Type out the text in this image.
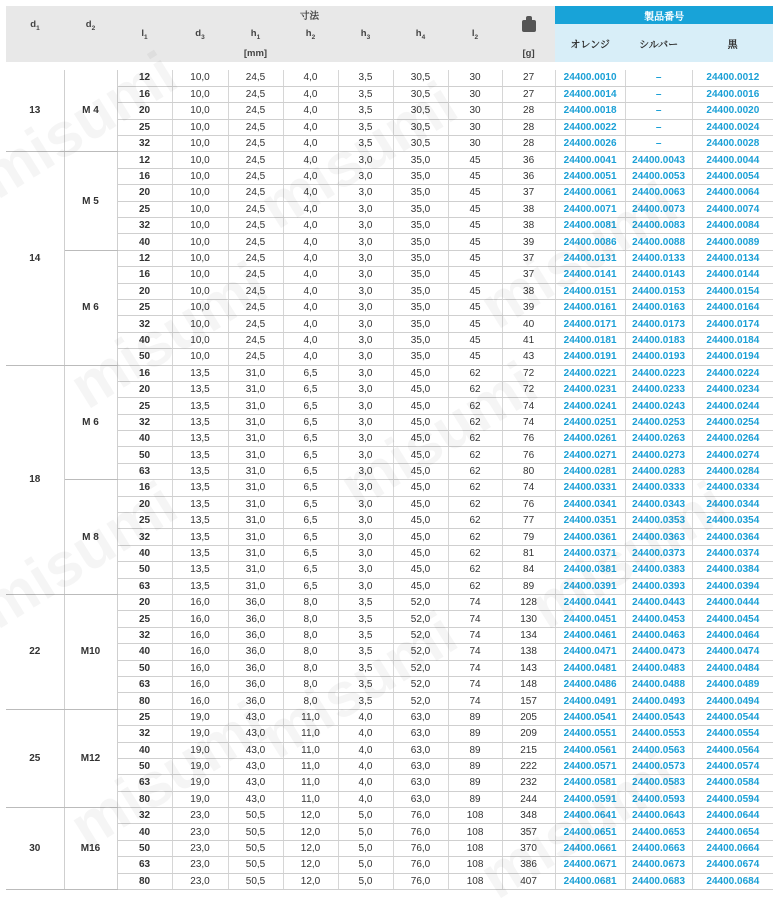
$d_1$	$d_2$	寸法								製品番号		
		$l_1$	$d_3$	$h_1$	$h_2$	$h_3$	$h_4$	$l_2$		オレンジ	シルバー	黒
				[mm]					[g]			

13	M 4	12	10,0	24,5	4,0	3,5	30,5	30	27	24400.0010	–	24400.0012
		16	10,0	24,5	4,0	3,5	30,5	30	27	24400.0014	–	24400.0016
		20	10,0	24,5	4,0	3,5	30,5	30	28	24400.0018	–	24400.0020
		25	10,0	24,5	4,0	3,5	30,5	30	28	24400.0022	–	24400.0024
		32	10,0	24,5	4,0	3,5	30,5	30	28	24400.0026	–	24400.0028
14	M 5	12	10,0	24,5	4,0	3,0	35,0	45	36	24400.0041	24400.0043	24400.0044
		16	10,0	24,5	4,0	3,0	35,0	45	36	24400.0051	24400.0053	24400.0054
		20	10,0	24,5	4,0	3,0	35,0	45	37	24400.0061	24400.0063	24400.0064
		25	10,0	24,5	4,0	3,0	35,0	45	38	24400.0071	24400.0073	24400.0074
		32	10,0	24,5	4,0	3,0	35,0	45	38	24400.0081	24400.0083	24400.0084
		40	10,0	24,5	4,0	3,0	35,0	45	39	24400.0086	24400.0088	24400.0089
	M 6	12	10,0	24,5	4,0	3,0	35,0	45	37	24400.0131	24400.0133	24400.0134
		16	10,0	24,5	4,0	3,0	35,0	45	37	24400.0141	24400.0143	24400.0144
		20	10,0	24,5	4,0	3,0	35,0	45	38	24400.0151	24400.0153	24400.0154
		25	10,0	24,5	4,0	3,0	35,0	45	39	24400.0161	24400.0163	24400.0164
		32	10,0	24,5	4,0	3,0	35,0	45	40	24400.0171	24400.0173	24400.0174
		40	10,0	24,5	4,0	3,0	35,0	45	41	24400.0181	24400.0183	24400.0184
		50	10,0	24,5	4,0	3,0	35,0	45	43	24400.0191	24400.0193	24400.0194
18	M 6	16	13,5	31,0	6,5	3,0	45,0	62	72	24400.0221	24400.0223	24400.0224
		20	13,5	31,0	6,5	3,0	45,0	62	72	24400.0231	24400.0233	24400.0234
		25	13,5	31,0	6,5	3,0	45,0	62	74	24400.0241	24400.0243	24400.0244
		32	13,5	31,0	6,5	3,0	45,0	62	74	24400.0251	24400.0253	24400.0254
		40	13,5	31,0	6,5	3,0	45,0	62	76	24400.0261	24400.0263	24400.0264
		50	13,5	31,0	6,5	3,0	45,0	62	76	24400.0271	24400.0273	24400.0274
		63	13,5	31,0	6,5	3,0	45,0	62	80	24400.0281	24400.0283	24400.0284
	M 8	16	13,5	31,0	6,5	3,0	45,0	62	74	24400.0331	24400.0333	24400.0334
		20	13,5	31,0	6,5	3,0	45,0	62	76	24400.0341	24400.0343	24400.0344
		25	13,5	31,0	6,5	3,0	45,0	62	77	24400.0351	24400.0353	24400.0354
		32	13,5	31,0	6,5	3,0	45,0	62	79	24400.0361	24400.0363	24400.0364
		40	13,5	31,0	6,5	3,0	45,0	62	81	24400.0371	24400.0373	24400.0374
		50	13,5	31,0	6,5	3,0	45,0	62	84	24400.0381	24400.0383	24400.0384
		63	13,5	31,0	6,5	3,0	45,0	62	89	24400.0391	24400.0393	24400.0394
22	M10	20	16,0	36,0	8,0	3,5	52,0	74	128	24400.0441	24400.0443	24400.0444
		25	16,0	36,0	8,0	3,5	52,0	74	130	24400.0451	24400.0453	24400.0454
		32	16,0	36,0	8,0	3,5	52,0	74	134	24400.0461	24400.0463	24400.0464
		40	16,0	36,0	8,0	3,5	52,0	74	138	24400.0471	24400.0473	24400.0474
		50	16,0	36,0	8,0	3,5	52,0	74	143	24400.0481	24400.0483	24400.0484
		63	16,0	36,0	8,0	3,5	52,0	74	148	24400.0486	24400.0488	24400.0489
		80	16,0	36,0	8,0	3,5	52,0	74	157	24400.0491	24400.0493	24400.0494
25	M12	25	19,0	43,0	11,0	4,0	63,0	89	205	24400.0541	24400.0543	24400.0544
		32	19,0	43,0	11,0	4,0	63,0	89	209	24400.0551	24400.0553	24400.0554
		40	19,0	43,0	11,0	4,0	63,0	89	215	24400.0561	24400.0563	24400.0564
		50	19,0	43,0	11,0	4,0	63,0	89	222	24400.0571	24400.0573	24400.0574
		63	19,0	43,0	11,0	4,0	63,0	89	232	24400.0581	24400.0583	24400.0584
		80	19,0	43,0	11,0	4,0	63,0	89	244	24400.0591	24400.0593	24400.0594
30	M16	32	23,0	50,5	12,0	5,0	76,0	108	348	24400.0641	24400.0643	24400.0644
		40	23,0	50,5	12,0	5,0	76,0	108	357	24400.0651	24400.0653	24400.0654
		50	23,0	50,5	12,0	5,0	76,0	108	370	24400.0661	24400.0663	24400.0664
		63	23,0	50,5	12,0	5,0	76,0	108	386	24400.0671	24400.0673	24400.0674
		80	23,0	50,5	12,0	5,0	76,0	108	407	24400.0681	24400.0683	24400.0684
